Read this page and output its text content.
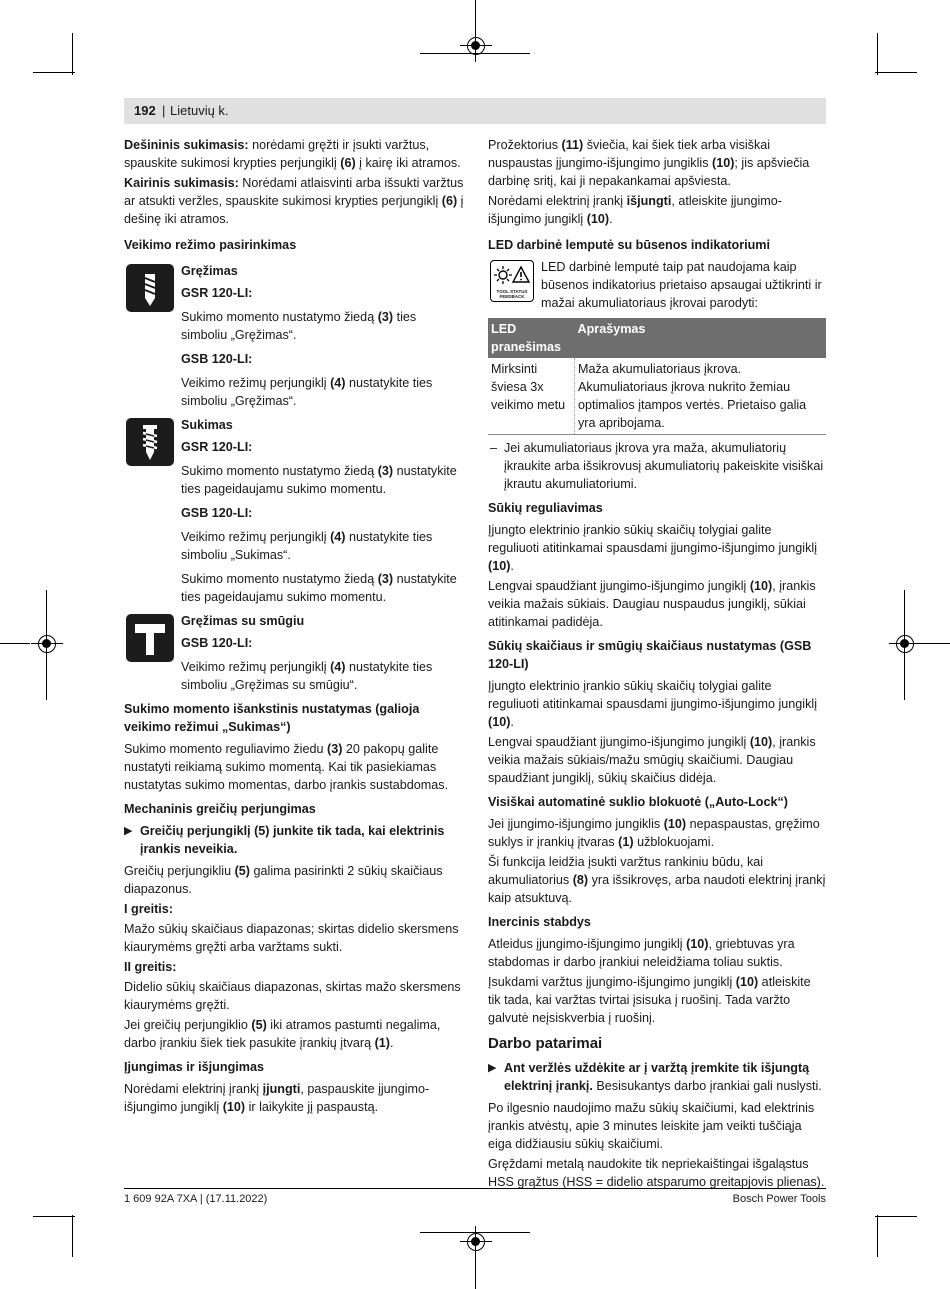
192 | Lietuvių k.

Dešininis sukimasis: norėdami gręžti ir įsukti varžtus, spauskite sukimosi krypties perjungiklį (6) į kairę iki atramos.

Kairinis sukimasis: Norėdami atlaisvinti arba išsukti varžtus ar atsukti veržles, spauskite sukimosi krypties perjungiklį (6) į dešinę iki atramos.

Veikimo režimo pasirinkimas
Gręžimas
GSR 120-LI:

Sukimo momento nustatymo žiedą (3) ties simboliu „Gręžimas“.

GSB 120-LI:

Veikimo režimų perjungiklį (4) nustatykite ties simboliu „Gręžimas“.

Sukimas
GSR 120-LI:

Sukimo momento nustatymo žiedą (3) nustatykite ties pageidaujamu sukimo momentu.

GSB 120-LI:

Veikimo režimų perjungiklį (4) nustatykite ties simboliu „Sukimas“.

Sukimo momento nustatymo žiedą (3) nustatykite ties pageidaujamu sukimo momentu.

Gręžimas su smūgiu
GSB 120-LI:

Veikimo režimų perjungiklį (4) nustatykite ties simboliu „Gręžimas su smūgiu“.

Sukimo momento išankstinis nustatymas (galioja veikimo režimui „Sukimas“)

Sukimo momento reguliavimo žiedu (3) 20 pakopų galite nustatyti reikiamą sukimo momentą. Kai tik pasiekiamas nustatytas sukimo momentas, darbo įrankis sustabdomas.

Mechaninis greičių perjungimas
▶ Greičių perjungiklį (5) junkite tik tada, kai elektrinis įrankis neveikia.

Greičių perjungikliu (5) galima pasirinkti 2 sūkių skaičiaus diapazonus.

I greitis:

Mažo sūkių skaičiaus diapazonas; skirtas didelio skersmens kiaurymėms gręžti arba varžtams sukti.

II greitis:

Didelio sūkių skaičiaus diapazonas, skirtas mažo skersmens kiaurymėms gręžti.

Jei greičių perjungiklio (5) iki atramos pastumti negalima, darbo įrankiu šiek tiek pasukite įrankių įtvarą (1).

Įjungimas ir išjungimas

Norėdami elektrinį įrankį įjungti, paspauskite įjungimo-išjungimo jungiklį (10) ir laikykite jį paspaustą.

Prožektorius (11) šviečia, kai šiek tiek arba visiškai nuspaustas įjungimo-išjungimo jungiklis (10); jis apšviečia darbinę sritį, kai ji nepakankamai apšviesta.

Norėdami elektrinį įrankį išjungti, atleiskite įjungimo-išjungimo jungiklį (10).

LED darbinė lemputė su būsenos indikatoriumi
TOOL STATUS FEEDBACK

LED darbinė lemputė taip pat naudojama kaip būsenos indikatorius prietaiso apsaugai užtikrinti ir mažai akumuliatoriaus įkrovai parodyti:

LED pranešimas	Aprašymas
Mirksinti šviesa 3x veikimo metu	Maža akumuliatoriaus įkrova. Akumuliatoriaus įkrova nukrito žemiau optimalios įtampos vertės. Prietaiso galia yra apribojama.
– Jei akumuliatoriaus įkrova yra maža, akumuliatorių įkraukite arba išsikrovusį akumuliatorių pakeiskite visiškai įkrautu akumuliatoriumi.
Sūkių reguliavimas

Įjungto elektrinio įrankio sūkių skaičių tolygiai galite reguliuoti atitinkamai spausdami įjungimo-išjungimo jungiklį (10).

Lengvai spaudžiant įjungimo-išjungimo jungiklį (10), įrankis veikia mažais sūkiais. Daugiau nuspaudus jungiklį, sūkiai atitinkamai padidėja.

Sūkių skaičiaus ir smūgių skaičiaus nustatymas (GSB 120-LI)

Įjungto elektrinio įrankio sūkių skaičių tolygiai galite reguliuoti atitinkamai spausdami įjungimo-išjungimo jungiklį (10).

Lengvai spaudžiant įjungimo-išjungimo jungiklį (10), įrankis veikia mažais sūkiais/mažu smūgių skaičiumi. Daugiau spaudžiant jungiklį, sūkių skaičius didėja.

Visiškai automatinė suklio blokuotė („Auto-Lock“)

Jei įjungimo-išjungimo jungiklis (10) nepaspaustas, gręžimo suklys ir įrankių įtvaras (1) užblokuojami.

Ši funkcija leidžia įsukti varžtus rankiniu būdu, kai akumuliatorius (8) yra išsikrovęs, arba naudoti elektrinį įrankį kaip atsuktuvą.

Inercinis stabdys

Atleidus įjungimo-išjungimo jungiklį (10), griebtuvas yra stabdomas ir darbo įrankiui neleidžiama toliau suktis.

Įsukdami varžtus įjungimo-išjungimo jungiklį (10) atleiskite tik tada, kai varžtas tvirtai įsisuka į ruošinį. Tada varžto galvutė neįsiskverbia į ruošinį.

Darbo patarimai
▶ Ant veržlės uždėkite ar į varžtą įremkite tik išjungtą elektrinį įrankį. Besisukantys darbo įrankiai gali nuslysti.

Po ilgesnio naudojimo mažu sūkių skaičiumi, kad elektrinis įrankis atvėstų, apie 3 minutes leiskite jam veikti tuščiąja eiga didžiausiu sūkių skaičiumi.

Gręždami metalą naudokite tik nepriekaištingai išgaląstus HSS grąžtus (HSS = dideliо atsparumo greitapjovis plienas).

1 609 92A 7XA | (17.11.2022)	Bosch Power Tools
